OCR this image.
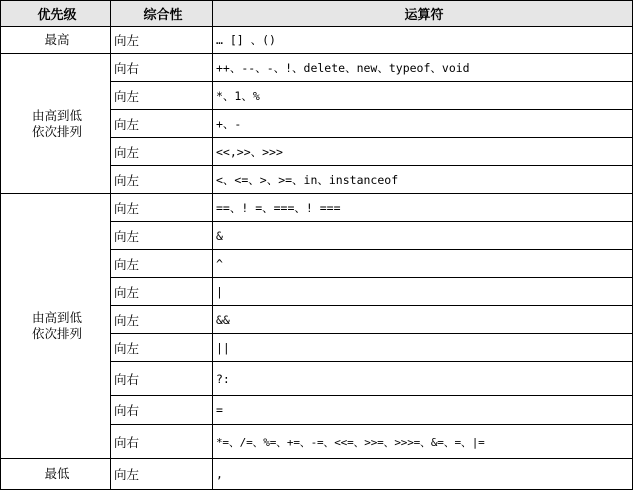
优先级	综合性	运算符
最高	向左	… [] 、()
由高到低
依次排列	向右	++、--、-、!、delete、new、typeof、void
	向左	*、1、%
	向左	+、-
	向左	<<,>>、>>>
	向左	<、<=、>、>=、in、instanceof
由高到低
依次排列	向左	==、! =、===、! ===
	向左	&
	向左	^
	向左	|
	向左	&&
	向左	||
	向右	?:
	向右	=
	向右	*=、/=、%=、+=、-=、<<=、>>=、>>>=、&=、=、|=
最低	向左	,
